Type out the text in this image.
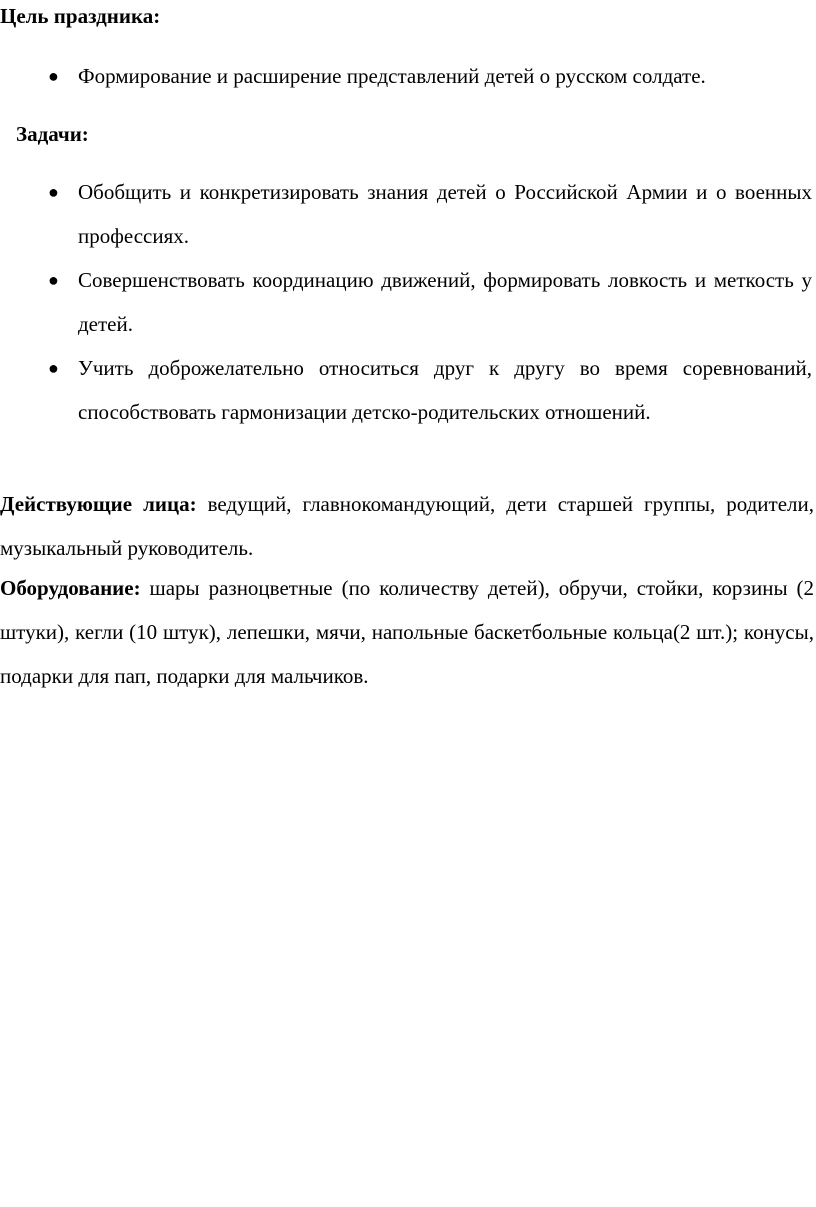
Цель праздника:
● Формирование и расширение представлений детей о русском солдате.
Задачи:
● Обобщить и конкретизировать знания детей о Российской Армии и о военных профессиях.
● Совершенствовать координацию движений, формировать ловкость и меткость у детей.
● Учить доброжелательно относиться друг к другу во время соревнований, способствовать гармонизации детско-родительских отношений.
Действующие лица: ведущий, главнокомандующий, дети старшей группы, родители, музыкальный руководитель.
Оборудование: шары разноцветные (по количеству детей), обручи, стойки, корзины (2 штуки), кегли (10 штук), лепешки, мячи, напольные баскетбольные кольца(2 шт.); конусы, подарки для пап, подарки для мальчиков.
